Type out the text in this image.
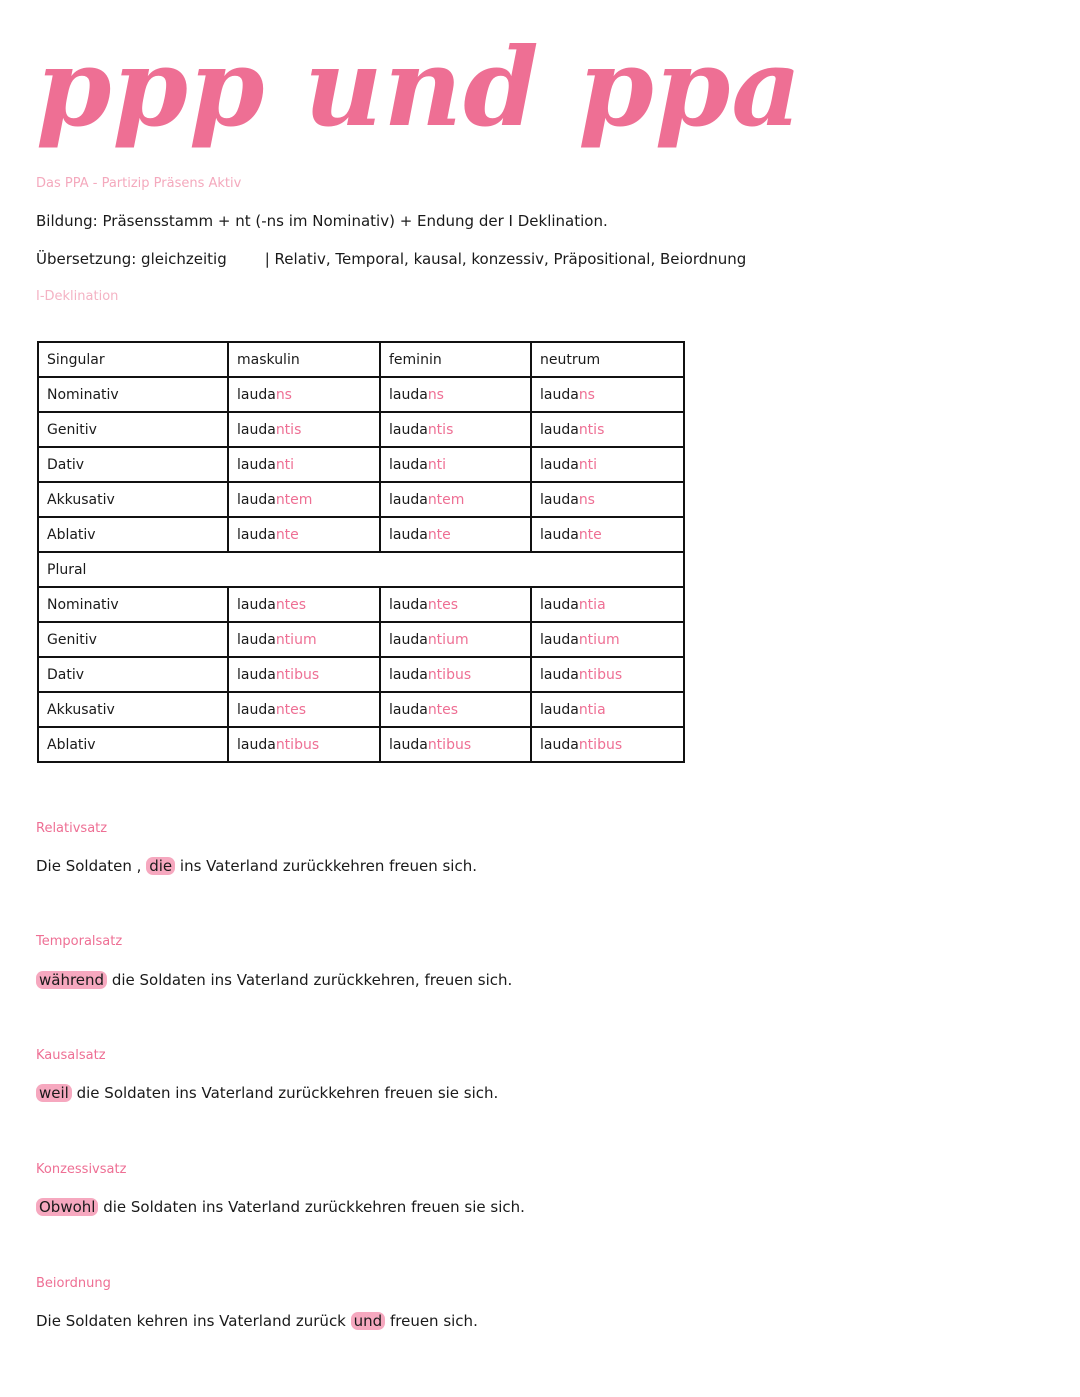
ppp und ppa
Das PPA - Partizip Präsens Aktiv
Bildung: Präsensstamm + nt (-ns im Nominativ) + Endung der I Deklination.
Übersetzung: gleichzeitig	| Relativ, Temporal, kausal, konzessiv, Präpositional, Beiordnung
I-Deklination
Singular	maskulin	feminin	neutrum
Nominativ	laudans	laudans	laudans
Genitiv	laudantis	laudantis	laudantis
Dativ	laudanti	laudanti	laudanti
Akkusativ	laudantem	laudantem	laudans
Ablativ	laudante	laudante	laudante
Plural			
Nominativ	laudantes	laudantes	laudantia
Genitiv	laudantium	laudantium	laudantium
Dativ	laudantibus	laudantibus	laudantibus
Akkusativ	laudantes	laudantes	laudantia
Ablativ	laudantibus	laudantibus	laudantibus
Relativsatz
Die Soldaten , die ins Vaterland zurückkehren freuen sich.
Temporalsatz
während die Soldaten ins Vaterland zurückkehren, freuen sich.
Kausalsatz
weil die Soldaten ins Vaterland zurückkehren freuen sie sich.
Konzessivsatz
Obwohl die Soldaten ins Vaterland zurückkehren freuen sie sich.
Beiordnung
Die Soldaten kehren ins Vaterland zurück und freuen sich.
